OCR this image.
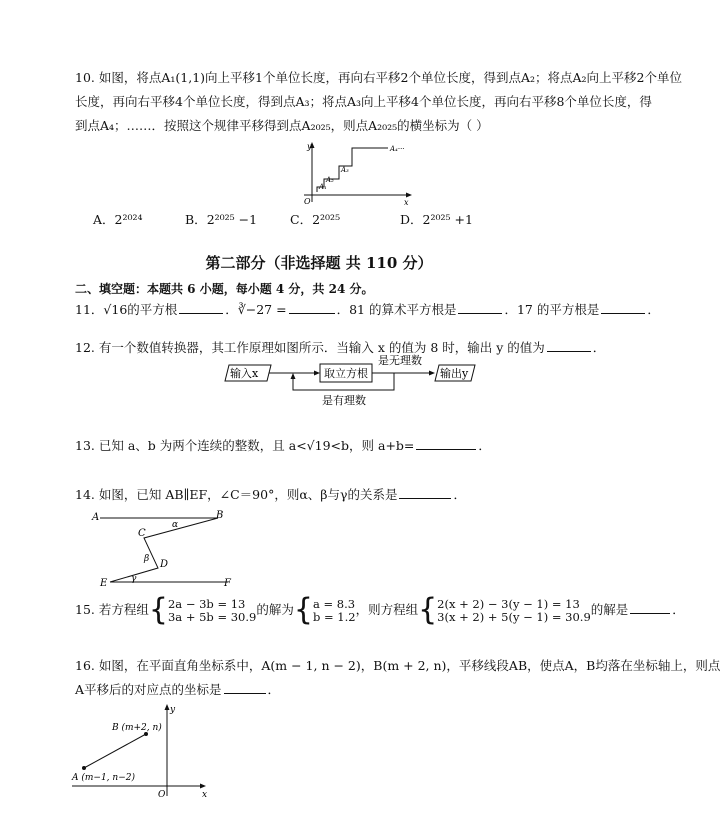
10. 如图，将点A₁(1,1)向上平移1个单位长度，再向右平移2个单位长度，得到点A₂；将点A₂向上平移2个单位
长度，再向右平移4个单位长度，得到点A₃；将点A₃向上平移4个单位长度，再向右平移8个单位长度，得
到点A₄；……．按照这个规律平移得到点A₂₀₂₅，则点A₂₀₂₅的横坐标为（ ）
y
x
O
A₁
A₂
A₃
A₄···
A．2²⁰²⁴	B．2²⁰²⁵ −1	C．2²⁰²⁵	D．2²⁰²⁵ +1
第二部分（非选择题 共 110 分）
二、填空题：本题共 6 小题，每小题 4 分，共 24 分。
11．√16的平方根	．∛−27 =	．81 的算术平方根是	．17 的平方根是	．
12. 有一个数值转换器，其工作原理如图所示．当输入 x 的值为 8 时，输出 y 的值为	．
输入x	取立方根
是无理数
输出y
是有理数
13. 已知 a、b 为两个连续的整数，且 a<√19<b，则 a+b=	．
14. 如图，已知 AB∥EF，∠C＝90°，则α、β与γ的关系是	．
A	B
C
D
E	F
α
β
γ
15. 若方程组{2a − 3b = 13
3a + 5b = 30.9的解为{a = 8.3
b = 1.2，则方程组{2(x + 2) − 3(y − 1) = 13
3(x + 2) + 5(y − 1) = 30.9的解是	．
16. 如图，在平面直角坐标系中，A(m − 1, n − 2)，B(m + 2, n)，平移线段AB，使点A，B均落在坐标轴上，则点
A平移后的对应点的坐标是	．
y
x
O
B (m+2, n)
A (m−1, n−2)
